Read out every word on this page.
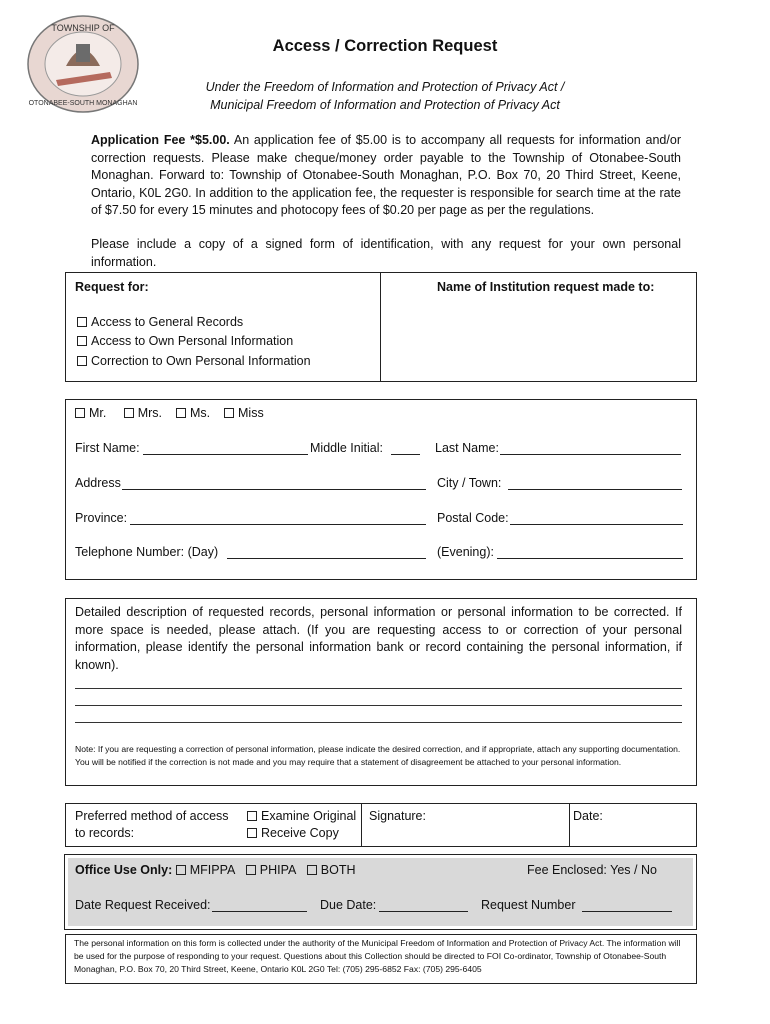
TOWNSHIP OF
OTONABEE-SOUTH MONAGHAN
Access / Correction Request
Under the Freedom of Information and Protection of Privacy Act /
Municipal Freedom of Information and Protection of Privacy Act
Application Fee *$5.00. An application fee of $5.00 is to accompany all requests for information and/or correction requests. Please make cheque/money order payable to the Township of Otonabee-South Monaghan. Forward to: Township of Otonabee-South Monaghan, P.O. Box 70, 20 Third Street, Keene, Ontario, K0L 2G0. In addition to the application fee, the requester is responsible for search time at the rate of $7.50 for every 15 minutes and photocopy fees of $0.20 per page as per the regulations.
Please include a copy of a signed form of identification, with any request for your own personal information.
Request for:	Name of Institution request made to:
Access to General Records
Access to Own Personal Information
Correction to Own Personal Information
Mr.	Mrs. Ms. Miss
First Name:	Middle Initial:	Last Name:
Address	City / Town:
Province:	Postal Code:
Telephone Number: (Day)	(Evening):
Detailed description of requested records, personal information or personal information to be corrected. If more space is needed, please attach. (If you are requesting access to or correction of your personal information, please identify the personal information bank or record containing the personal information, if known).
Note: If you are requesting a correction of personal information, please indicate the desired correction, and if appropriate, attach any supporting documentation. You will be notified if the correction is not made and you may require that a statement of disagreement be attached to your personal information.
Preferred method of access
to records:
Examine Original
Receive Copy
Signature:	Date:
Office Use Only: MFIPPA PHIPA BOTH	Fee Enclosed: Yes / No
Date Request Received:	Due Date:	Request Number
The personal information on this form is collected under the authority of the Municipal Freedom of Information and Protection of Privacy Act. The information will be used for the purpose of responding to your request. Questions about this Collection should be directed to FOI Co-ordinator, Township of Otonabee-South Monaghan, P.O. Box 70, 20 Third Street, Keene, Ontario K0L 2G0 Tel: (705) 295-6852 Fax: (705) 295-6405
